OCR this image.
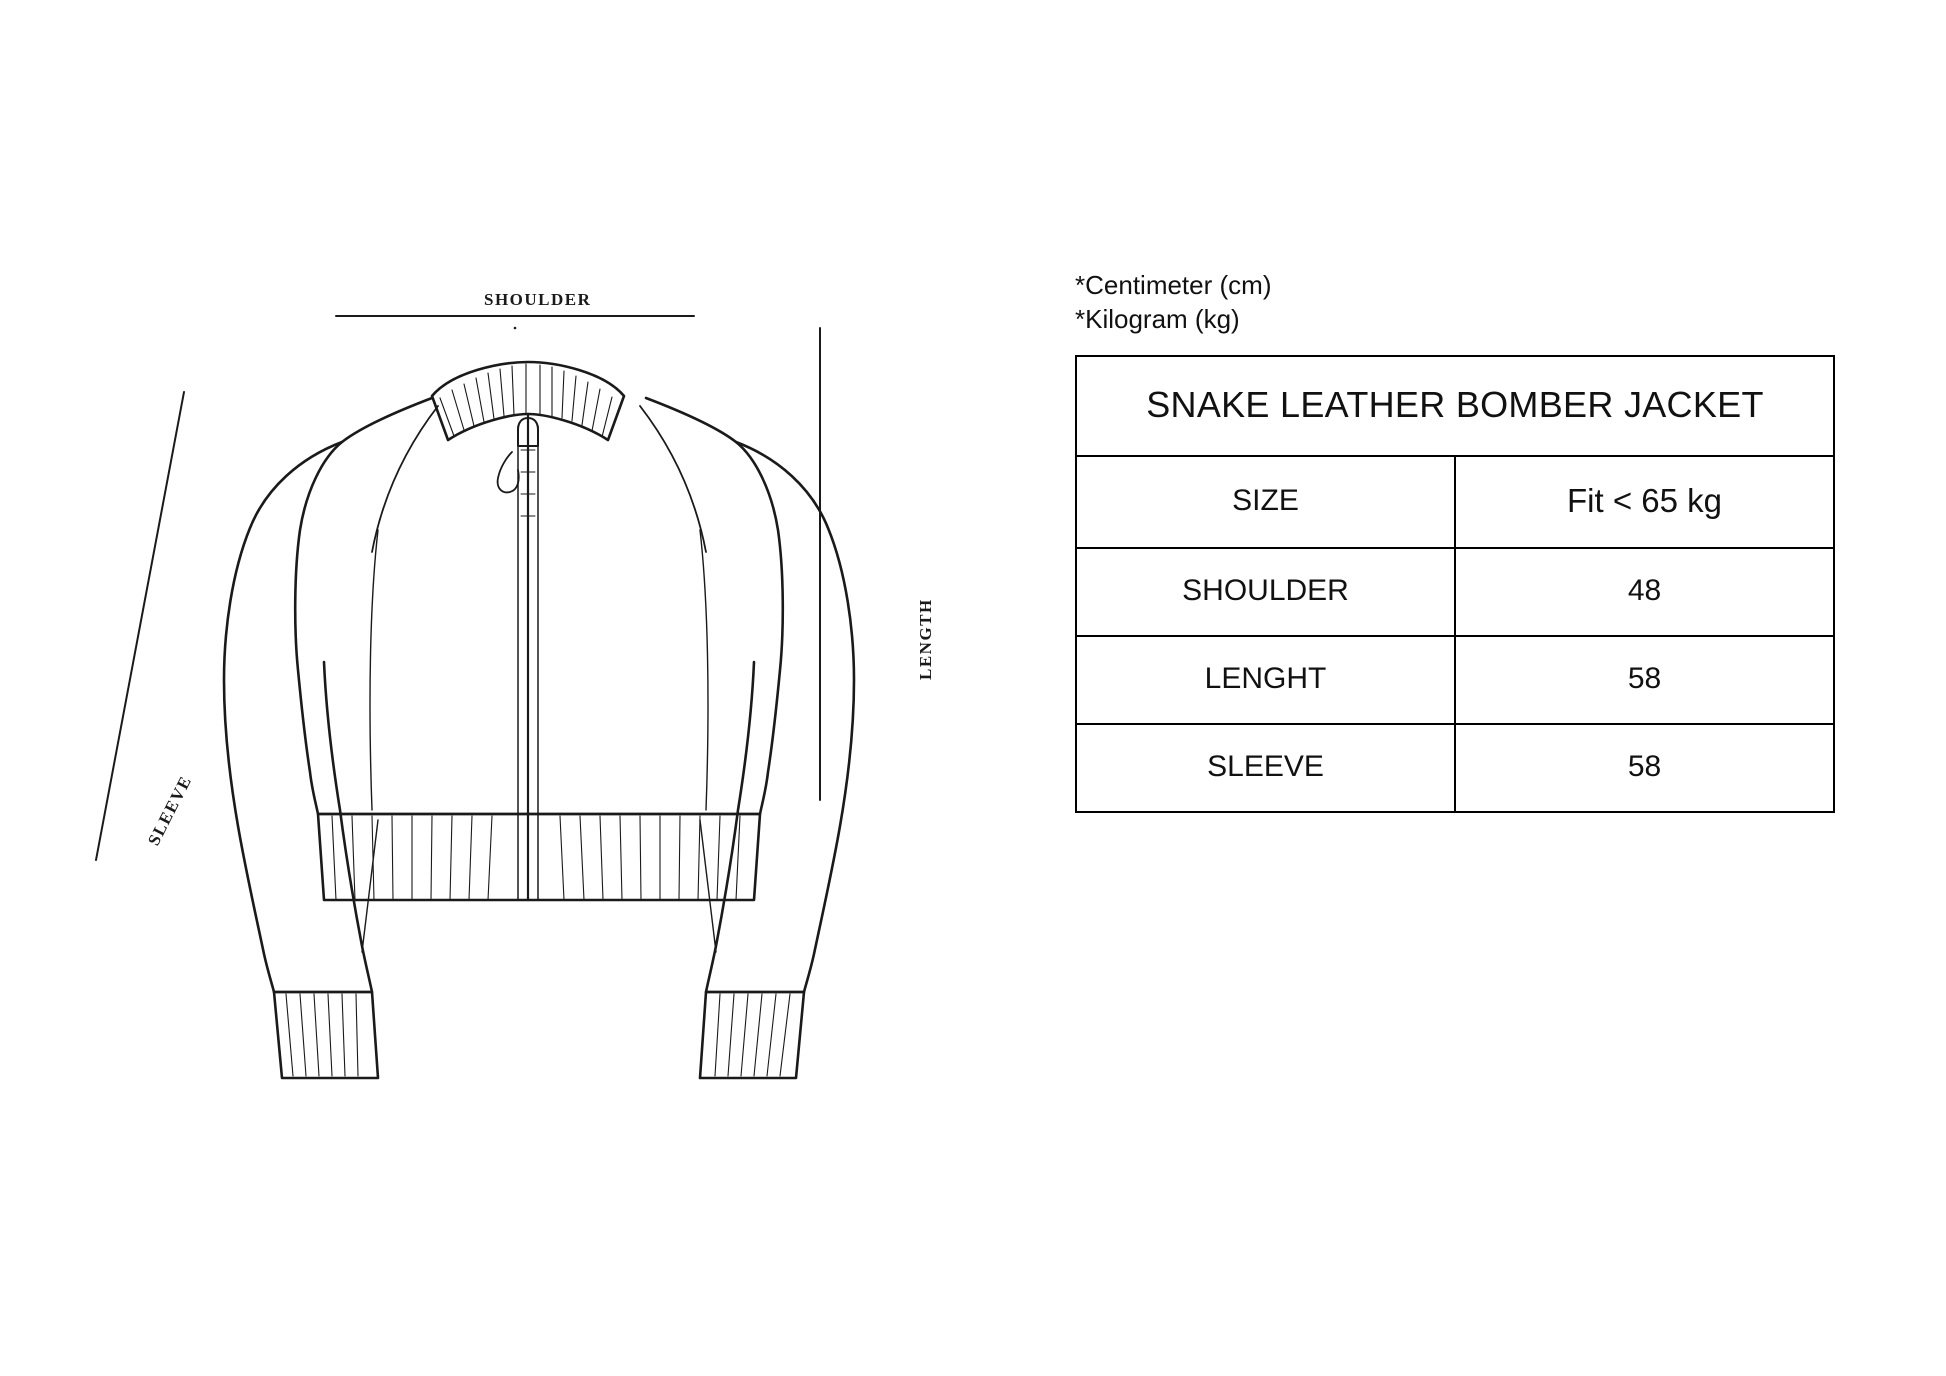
SHOULDER
LENGTH
SLEEVE
*Centimeter (cm)
*Kilogram (kg)
SNAKE LEATHER BOMBER JACKET	
SIZE	Fit < 65 kg
SHOULDER	48
LENGHT	58
SLEEVE	58
